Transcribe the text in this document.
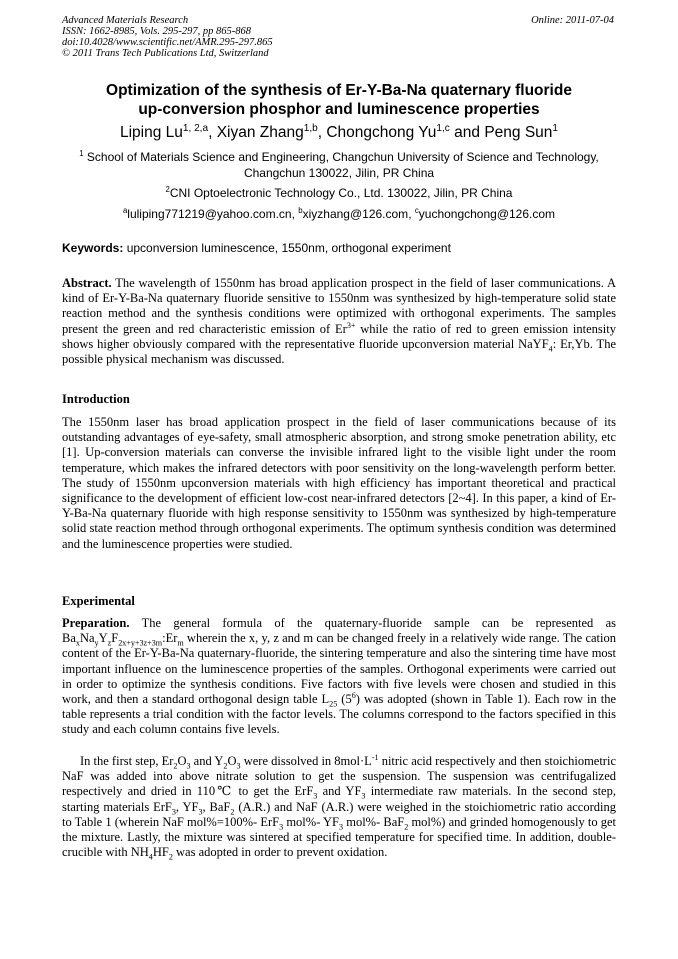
Advanced Materials Research
ISSN: 1662-8985, Vols. 295-297, pp 865-868
doi:10.4028/www.scientific.net/AMR.295-297.865
© 2011 Trans Tech Publications Ltd, Switzerland
Online: 2011-07-04
Optimization of the synthesis of Er-Y-Ba-Na quaternary fluoride
up-conversion phosphor and luminescence properties
Liping Lu$^{1, 2,a}$, Xiyan Zhang$^{1,b}$, Chongchong Yu$^{1,c}$ and Peng Sun$^1$
$^1$ School of Materials Science and Engineering, Changchun University of Science and Technology,
Changchun 130022, Jilin, PR China
$^2$CNI Optoelectronic Technology Co., Ltd. 130022, Jilin, PR China
$^a$luliping771219@yahoo.com.cn, $^b$xiyzhang@126.com, $^c$yuchongchong@126.com
Keywords: upconversion luminescence, 1550nm, orthogonal experiment
Abstract. The wavelength of 1550nm has broad application prospect in the field of laser communications. A kind of Er-Y-Ba-Na quaternary fluoride sensitive to 1550nm was synthesized by high-temperature solid state reaction method and the synthesis conditions were optimized with orthogonal experiments. The samples present the green and red characteristic emission of $Er^{3+}$ while the ratio of red to green emission intensity shows higher obviously compared with the representative fluoride upconversion material NaYF$_4$: Er,Yb. The possible physical mechanism was discussed.
Introduction
The 1550nm laser has broad application prospect in the field of laser communications because of its outstanding advantages of eye-safety, small atmospheric absorption, and strong smoke penetration ability, etc [1]. Up-conversion materials can converse the invisible infrared light to the visible light under the room temperature, which makes the infrared detectors with poor sensitivity on the long-wavelength perform better. The study of 1550nm upconversion materials with high efficiency has important theoretical and practical significance to the development of efficient low-cost near-infrared detectors [2~4]. In this paper, a kind of Er-Y-Ba-Na quaternary fluoride with high response sensitivity to 1550nm was synthesized by high-temperature solid state reaction method through orthogonal experiments. The optimum synthesis condition was determined and the luminescence properties were studied.
Experimental
Preparation. The general formula of the quaternary-fluoride sample can be represented as $Ba_xNa_yY_zF_{2x+y+3z+3m}:Er_m$ wherein the x, y, z and m can be changed freely in a relatively wide range. The cation content of the Er-Y-Ba-Na quaternary-fluoride, the sintering temperature and also the sintering time have most important influence on the luminescence properties of the samples. Orthogonal experiments were carried out in order to optimize the synthesis conditions. Five factors with five levels were chosen and studied in this work, and then a standard orthogonal design table $L_{25}$ $(5^6)$ was adopted (shown in Table 1). Each row in the table represents a trial condition with the factor levels. The columns correspond to the factors specified in this study and each column contains five levels.
In the first step, $Er_2O_3$ and $Y_2O_3$ were dissolved in $8mol\cdot L^{-1}$ nitric acid respectively and then stoichiometric NaF was added into above nitrate solution to get the suspension. The suspension was centrifugalized respectively and dried in 110℃ to get the ErF$_3$ and $YF_3$ intermediate raw materials. In the second step, starting materials ErF$_3$, $YF_3$, BaF$_2$ (A.R.) and NaF (A.R.) were weighed in the stoichiometric ratio according to Table 1 (wherein NaF mol%=100%- ErF$_3$ mol%- $YF_3$ mol%- BaF$_2$ mol%) and grinded homogenously to get the mixture. Lastly, the mixture was sintered at specified temperature for specified time. In addition, double-crucible with $NH_4HF_2$ was adopted in order to prevent oxidation.
